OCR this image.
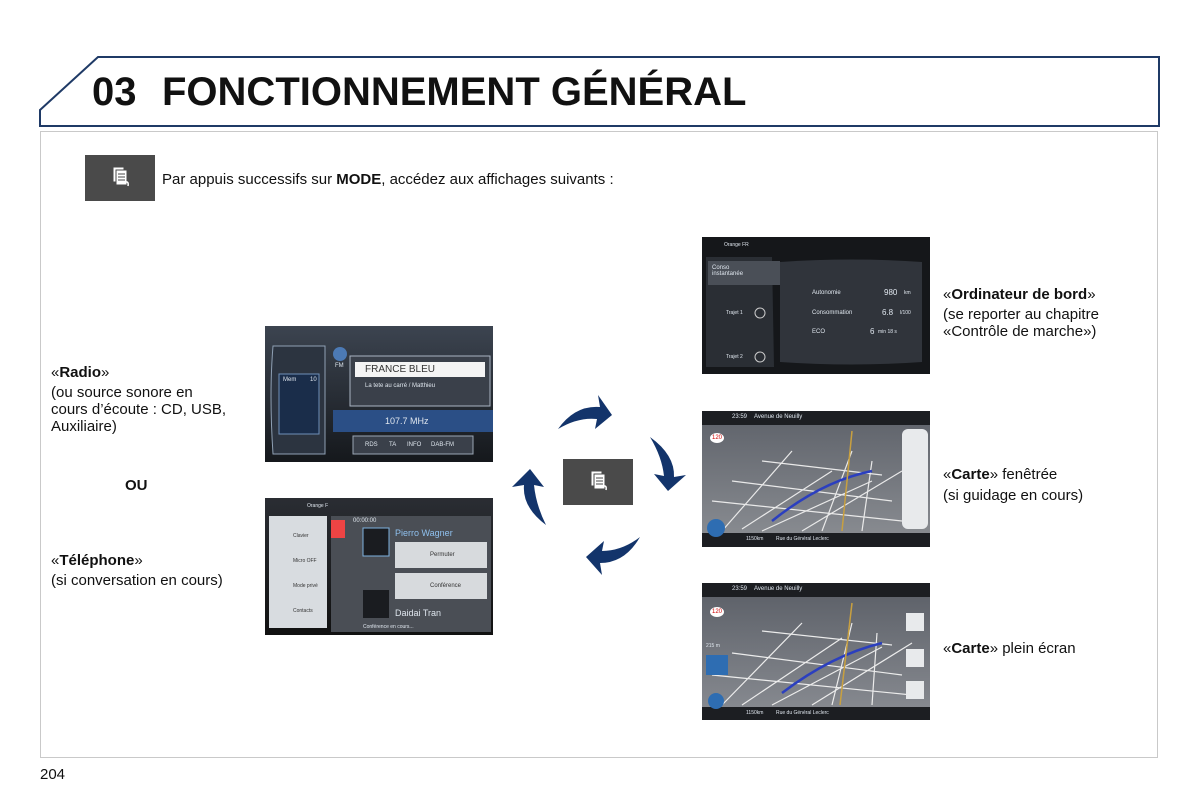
03 FONCTIONNEMENT GÉNÉRAL
Par appuis successifs sur MODE, accédez aux affichages suivants :
«Radio»
(ou source sonore en
cours d’écoute : CD, USB,
Auxiliaire)
OU
«Téléphone»
(si conversation en cours)
«Ordinateur de bord»
(se reporter au chapitre
«Contrôle de marche»)
«Carte» fenêtrée
(si guidage en cours)
«Carte» plein écran
Mem 10
FM FRANCE BLEU
La tete au carré / Matthieu
107.7 MHz
RDS TA INFO DAB-FM
Orange F
00:00:00
Pierro Wagner
Daidai Tran
Conférence en cours...
Clavier
Micro OFF
Mode privé
Contacts
Permuter
Conférence
Orange FR
Conso instantanée
Trajet 1
Trajet 2
Autonomie	980 km
Consommation	6.8 l/100
ECO	6 min 18 s
23:59 Avenue de Neuilly
120
1150km	Rue du Général Leclerc
23:59 Avenue de Neuilly
120
215 m
1150km	Rue du Général Leclerc
204
